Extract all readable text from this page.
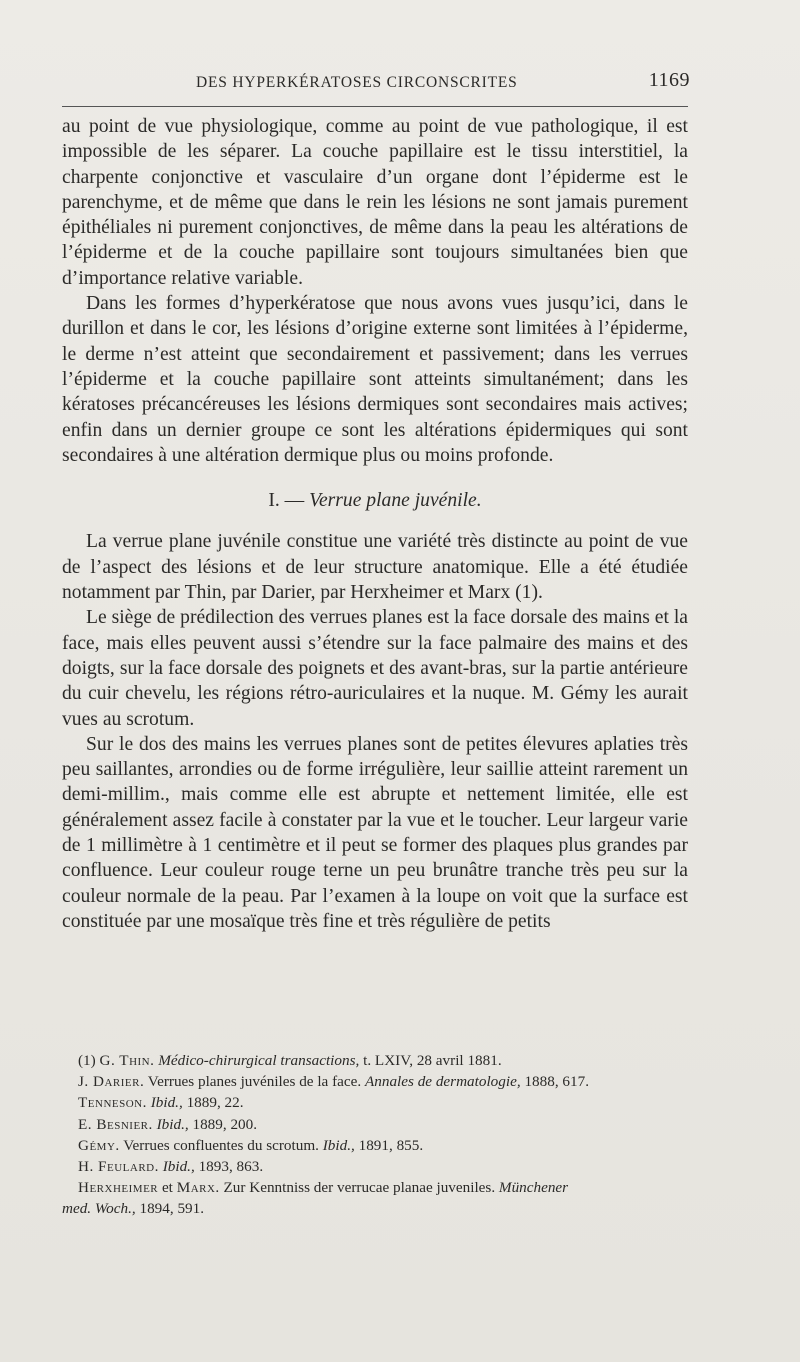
DES HYPERKÉRATOSES CIRCONSCRITES	1169

au point de vue physiologique, comme au point de vue pathologique, il est impossible de les séparer. La couche papillaire est le tissu interstitiel, la charpente conjonctive et vasculaire d’un organe dont l’épiderme est le parenchyme, et de même que dans le rein les lésions ne sont jamais purement épithéliales ni purement conjonctives, de même dans la peau les altérations de l’épiderme et de la couche papillaire sont toujours simultanées bien que d’importance relative variable.

Dans les formes d’hyperkératose que nous avons vues jusqu’ici, dans le durillon et dans le cor, les lésions d’origine externe sont limitées à l’épiderme, le derme n’est atteint que secondairement et passivement; dans les verrues l’épiderme et la couche papillaire sont atteints simultanément; dans les kératoses précancéreuses les lésions dermiques sont secondaires mais actives; enfin dans un dernier groupe ce sont les altérations épidermiques qui sont secondaires à une altération dermique plus ou moins profonde.

I. — Verrue plane juvénile.

La verrue plane juvénile constitue une variété très distincte au point de vue de l’aspect des lésions et de leur structure anatomique. Elle a été étudiée notamment par Thin, par Darier, par Herxheimer et Marx (1).

Le siège de prédilection des verrues planes est la face dorsale des mains et la face, mais elles peuvent aussi s’étendre sur la face palmaire des mains et des doigts, sur la face dorsale des poignets et des avant-bras, sur la partie antérieure du cuir chevelu, les régions rétro-auriculaires et la nuque. M. Gémy les aurait vues au scrotum.

Sur le dos des mains les verrues planes sont de petites élevures aplaties très peu saillantes, arrondies ou de forme irrégulière, leur saillie atteint rarement un demi-millim., mais comme elle est abrupte et nettement limitée, elle est généralement assez facile à constater par la vue et le toucher. Leur largeur varie de 1 millimètre à 1 centimètre et il peut se former des plaques plus grandes par confluence. Leur couleur rouge terne un peu brunâtre tranche très peu sur la couleur normale de la peau. Par l’examen à la loupe on voit que la surface est constituée par une mosaïque très fine et très régulière de petits

(1) G. Thin. Médico-chirurgical transactions, t. LXIV, 28 avril 1881.
J. Darier. Verrues planes juvéniles de la face. Annales de dermatologie, 1888, 617.
Tenneson. Ibid., 1889, 22.
E. Besnier. Ibid., 1889, 200.
Gémy. Verrues confluentes du scrotum. Ibid., 1891, 855.
H. Feulard. Ibid., 1893, 863.
Herxheimer et Marx. Zur Kenntniss der verrucae planae juveniles. Münchener
med. Woch., 1894, 591.
